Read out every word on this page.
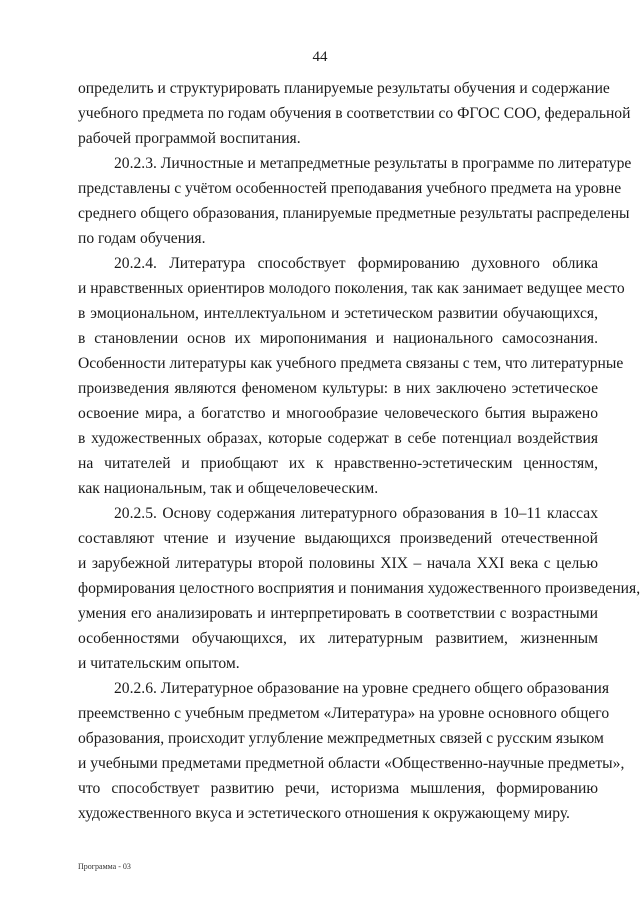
44
определить и структурировать планируемые результаты обучения и содержание
учебного предмета по годам обучения в соответствии со ФГОС СОО, федеральной
рабочей программой воспитания.
20.2.3. Личностные и метапредметные результаты в программе по литературе
представлены с учётом особенностей преподавания учебного предмета на уровне
среднего общего образования, планируемые предметные результаты распределены
по годам обучения.
20.2.4. Литература способствует формированию духовного облика
и нравственных ориентиров молодого поколения, так как занимает ведущее место
в эмоциональном, интеллектуальном и эстетическом развитии обучающихся,
в становлении основ их миропонимания и национального самосознания.
Особенности литературы как учебного предмета связаны с тем, что литературные
произведения являются феноменом культуры: в них заключено эстетическое
освоение мира, а богатство и многообразие человеческого бытия выражено
в художественных образах, которые содержат в себе потенциал воздействия
на читателей и приобщают их к нравственно-эстетическим ценностям,
как национальным, так и общечеловеческим.
20.2.5. Основу содержания литературного образования в 10–11 классах
составляют чтение и изучение выдающихся произведений отечественной
и зарубежной литературы второй половины XIX – начала XXI века с целью
формирования целостного восприятия и понимания художественного произведения,
умения его анализировать и интерпретировать в соответствии с возрастными
особенностями обучающихся, их литературным развитием, жизненным
и читательским опытом.
20.2.6. Литературное образование на уровне среднего общего образования
преемственно с учебным предметом «Литература» на уровне основного общего
образования, происходит углубление межпредметных связей с русским языком
и учебными предметами предметной области «Общественно-научные предметы»,
что способствует развитию речи, историзма мышления, формированию
художественного вкуса и эстетического отношения к окружающему миру.
Программа - 03
